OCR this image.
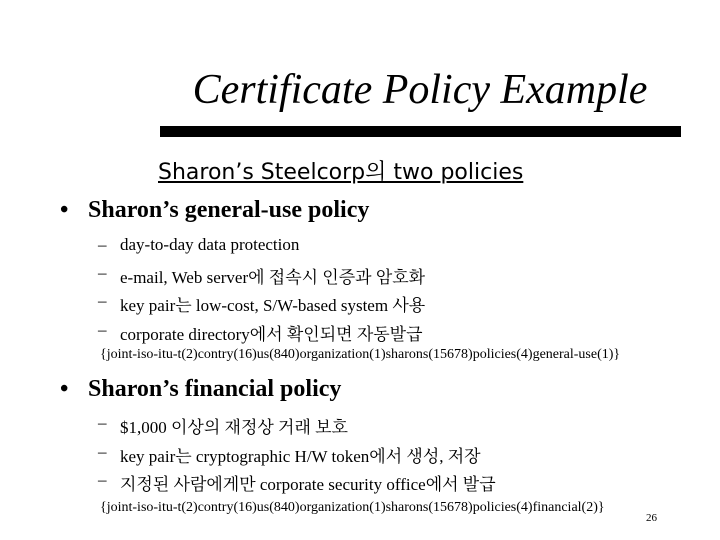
Certificate Policy Example
Sharon’s Steelcorp의 two policies
• Sharon’s general-use policy
– day-to-day data protection
– e-mail, Web server에 접속시 인증과 암호화
– key pair는 low-cost, S/W-based system 사용
– corporate directory에서 확인되면 자동발급
{joint-iso-itu-t(2)contry(16)us(840)organization(1)sharons(15678)policies(4)general-use(1)}
• Sharon’s financial policy
– $1,000 이상의 재정상 거래 보호
– key pair는 cryptographic H/W token에서 생성, 저장
– 지정된 사람에게만 corporate security office에서 발급
{joint-iso-itu-t(2)contry(16)us(840)organization(1)sharons(15678)policies(4)financial(2)}
26
